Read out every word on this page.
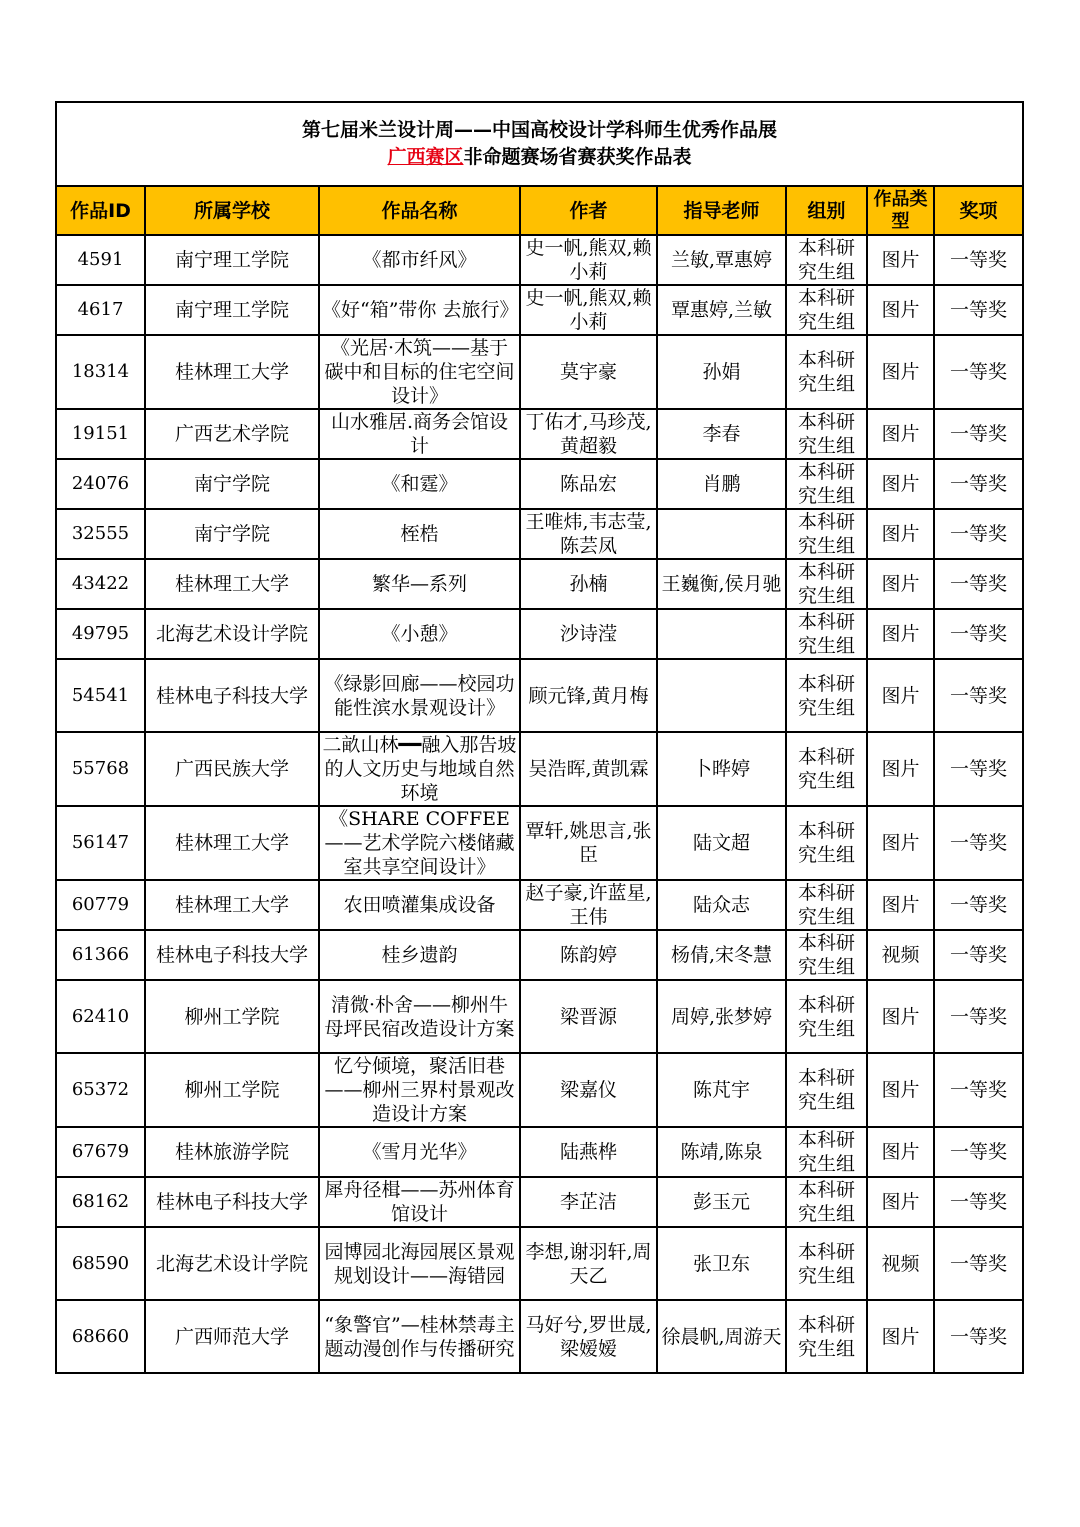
第七届米兰设计周——中国高校设计学科师生优秀作品展
广西赛区非命题赛场省赛获奖作品表							

作品ID	所属学校	作品名称	作者	指导老师	组别	作品类型	奖项
4591	南宁理工学院	《都市纤风》	史一帆,熊双,赖小莉	兰敏,覃惠婷	本科研究生组	图片	一等奖
4617	南宁理工学院	《好“箱”带你 去旅行》	史一帆,熊双,赖小莉	覃惠婷,兰敏	本科研究生组	图片	一等奖
18314	桂林理工大学	《光居·木筑——基于碳中和目标的住宅空间设计》	莫宇豪	孙娟	本科研究生组	图片	一等奖
19151	广西艺术学院	山水雅居.商务会馆设计	丁佑才,马珍茂,黄超毅	李春	本科研究生组	图片	一等奖
24076	南宁学院	《和霆》	陈品宏	肖鹏	本科研究生组	图片	一等奖
32555	南宁学院	桎梏	王唯炜,韦志莹,陈芸凤		本科研究生组	图片	一等奖
43422	桂林理工大学	繁华—系列	孙楠	王巍衡,侯月驰	本科研究生组	图片	一等奖
49795	北海艺术设计学院	《小憩》	沙诗滢		本科研究生组	图片	一等奖
54541	桂林电子科技大学	《绿影回廊——校园功能性滨水景观设计》	顾元锋,黄月梅		本科研究生组	图片	一等奖
55768	广西民族大学	二畝山林━━融入那告坡的人文历史与地域自然环境	吴浩晖,黄凯霖	卜晔婷	本科研究生组	图片	一等奖
56147	桂林理工大学	《SHARE COFFEE——艺术学院六楼储藏室共享空间设计》	覃轩,姚思言,张臣	陆文超	本科研究生组	图片	一等奖
60779	桂林理工大学	农田喷灌集成设备	赵子豪,许蓝星,王伟	陆众志	本科研究生组	图片	一等奖
61366	桂林电子科技大学	桂乡遗韵	陈韵婷	杨倩,宋冬慧	本科研究生组	视频	一等奖
62410	柳州工学院	清微·朴舍——柳州牛母坪民宿改造设计方案	梁晋源	周婷,张梦婷	本科研究生组	图片	一等奖
65372	柳州工学院	忆兮倾境，聚活旧巷——柳州三界村景观改造设计方案	梁嘉仪	陈芃宇	本科研究生组	图片	一等奖
67679	桂林旅游学院	《雪月光华》	陆燕桦	陈靖,陈泉	本科研究生组	图片	一等奖
68162	桂林电子科技大学	犀舟径楫——苏州体育馆设计	李芷洁	彭玉元	本科研究生组	图片	一等奖
68590	北海艺术设计学院	园博园北海园展区景观规划设计——海错园	李想,谢羽轩,周天乙	张卫东	本科研究生组	视频	一等奖
68660	广西师范大学	“象警官”—桂林禁毒主题动漫创作与传播研究	马好兮,罗世晟,梁嫒嫒	徐晨帆,周游天	本科研究生组	图片	一等奖
